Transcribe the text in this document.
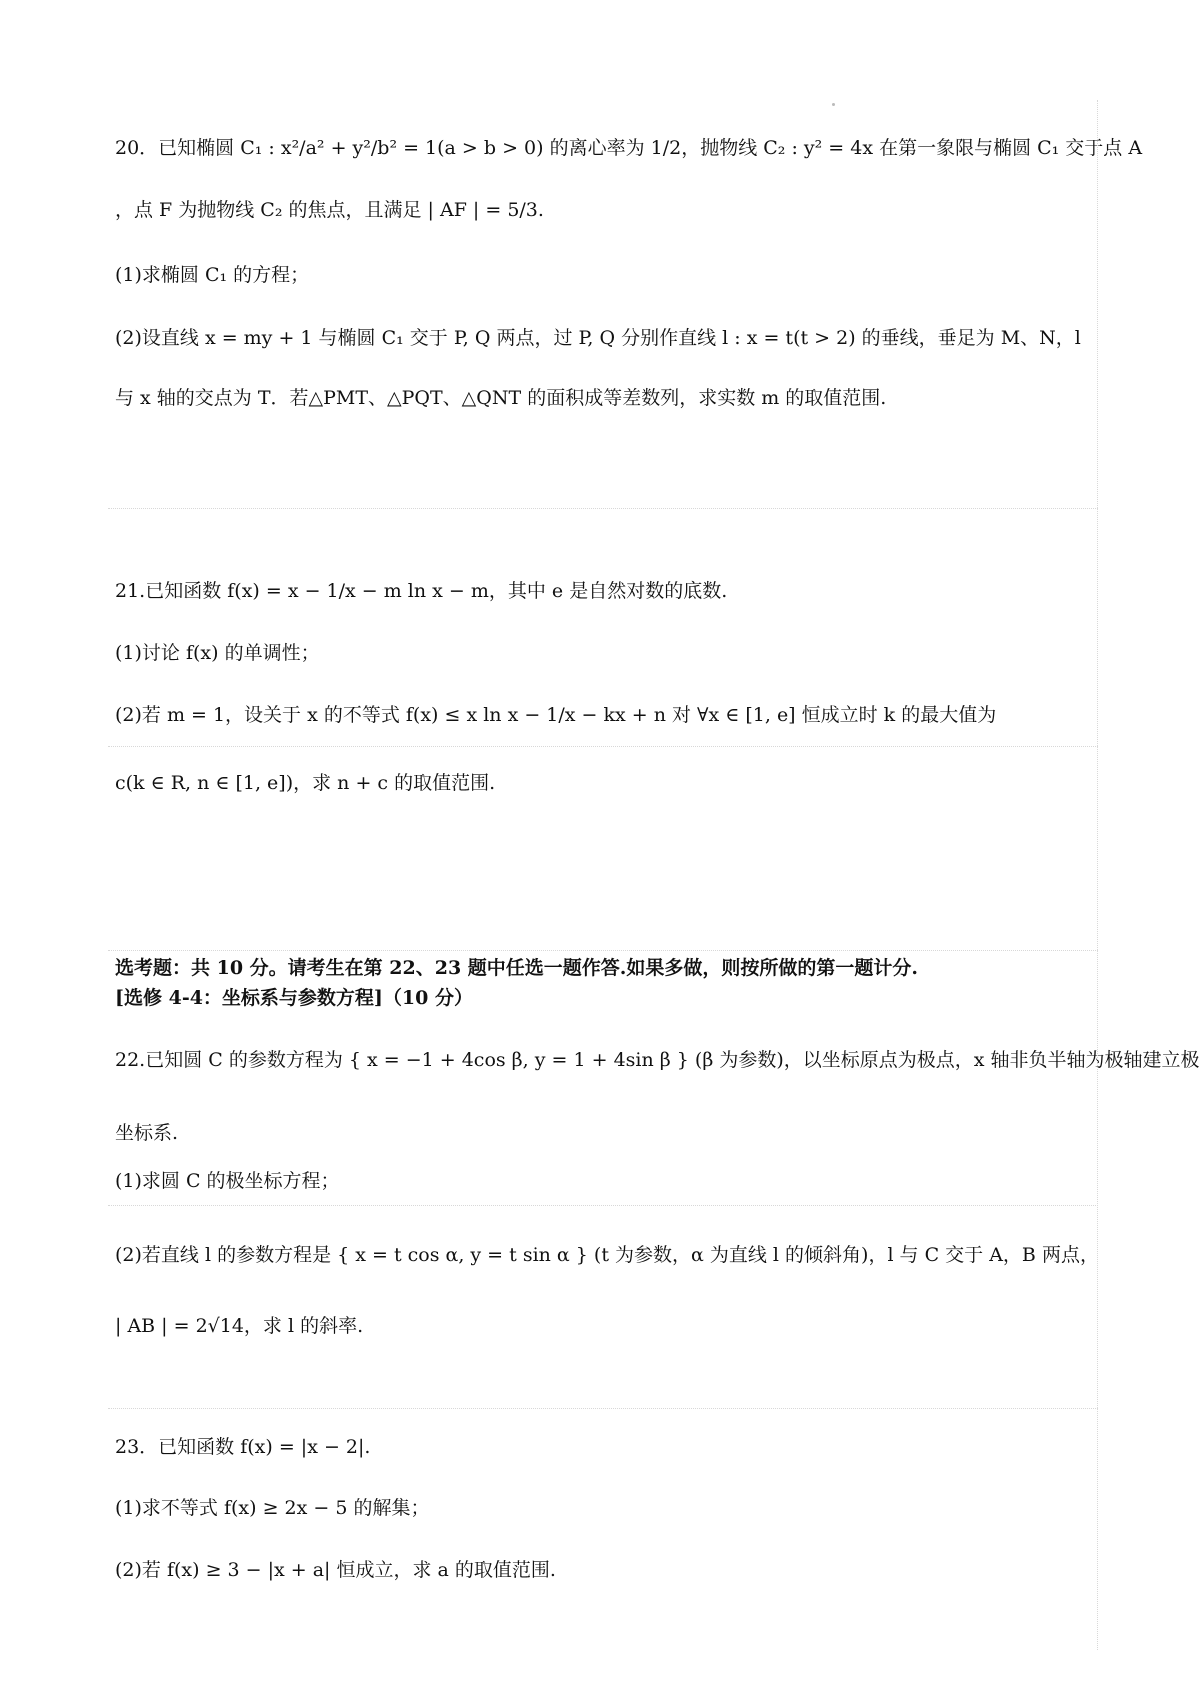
20．已知椭圆 C₁ : x²/a² + y²/b² = 1(a > b > 0) 的离心率为 1/2，抛物线 C₂ : y² = 4x 在第一象限与椭圆 C₁ 交于点 A
，点 F 为抛物线 C₂ 的焦点，且满足 | AF | = 5/3.
(1)求椭圆 C₁ 的方程；
(2)设直线 x = my + 1 与椭圆 C₁ 交于 P, Q 两点，过 P, Q 分别作直线 l : x = t(t > 2) 的垂线，垂足为 M、N，l
与 x 轴的交点为 T．若△PMT、△PQT、△QNT 的面积成等差数列，求实数 m 的取值范围.
21.已知函数 f(x) = x − 1/x − m ln x − m，其中 e 是自然对数的底数.
(1)讨论 f(x) 的单调性；
(2)若 m = 1，设关于 x 的不等式 f(x) ≤ x ln x − 1/x − kx + n 对 ∀x ∈ [1, e] 恒成立时 k 的最大值为
c(k ∈ R, n ∈ [1, e])，求 n + c 的取值范围.
选考题：共 10 分。请考生在第 22、23 题中任选一题作答.如果多做，则按所做的第一题计分.
[选修 4-4：坐标系与参数方程]（10 分）
22.已知圆 C 的参数方程为 { x = −1 + 4cos β, y = 1 + 4sin β } (β 为参数)，以坐标原点为极点，x 轴非负半轴为极轴建立极
坐标系.
(1)求圆 C 的极坐标方程；
(2)若直线 l 的参数方程是 { x = t cos α, y = t sin α } (t 为参数，α 为直线 l 的倾斜角)，l 与 C 交于 A，B 两点，
| AB | = 2√14，求 l 的斜率.
23．已知函数 f(x) = |x − 2|.
(1)求不等式 f(x) ≥ 2x − 5 的解集；
(2)若 f(x) ≥ 3 − |x + a| 恒成立，求 a 的取值范围.
